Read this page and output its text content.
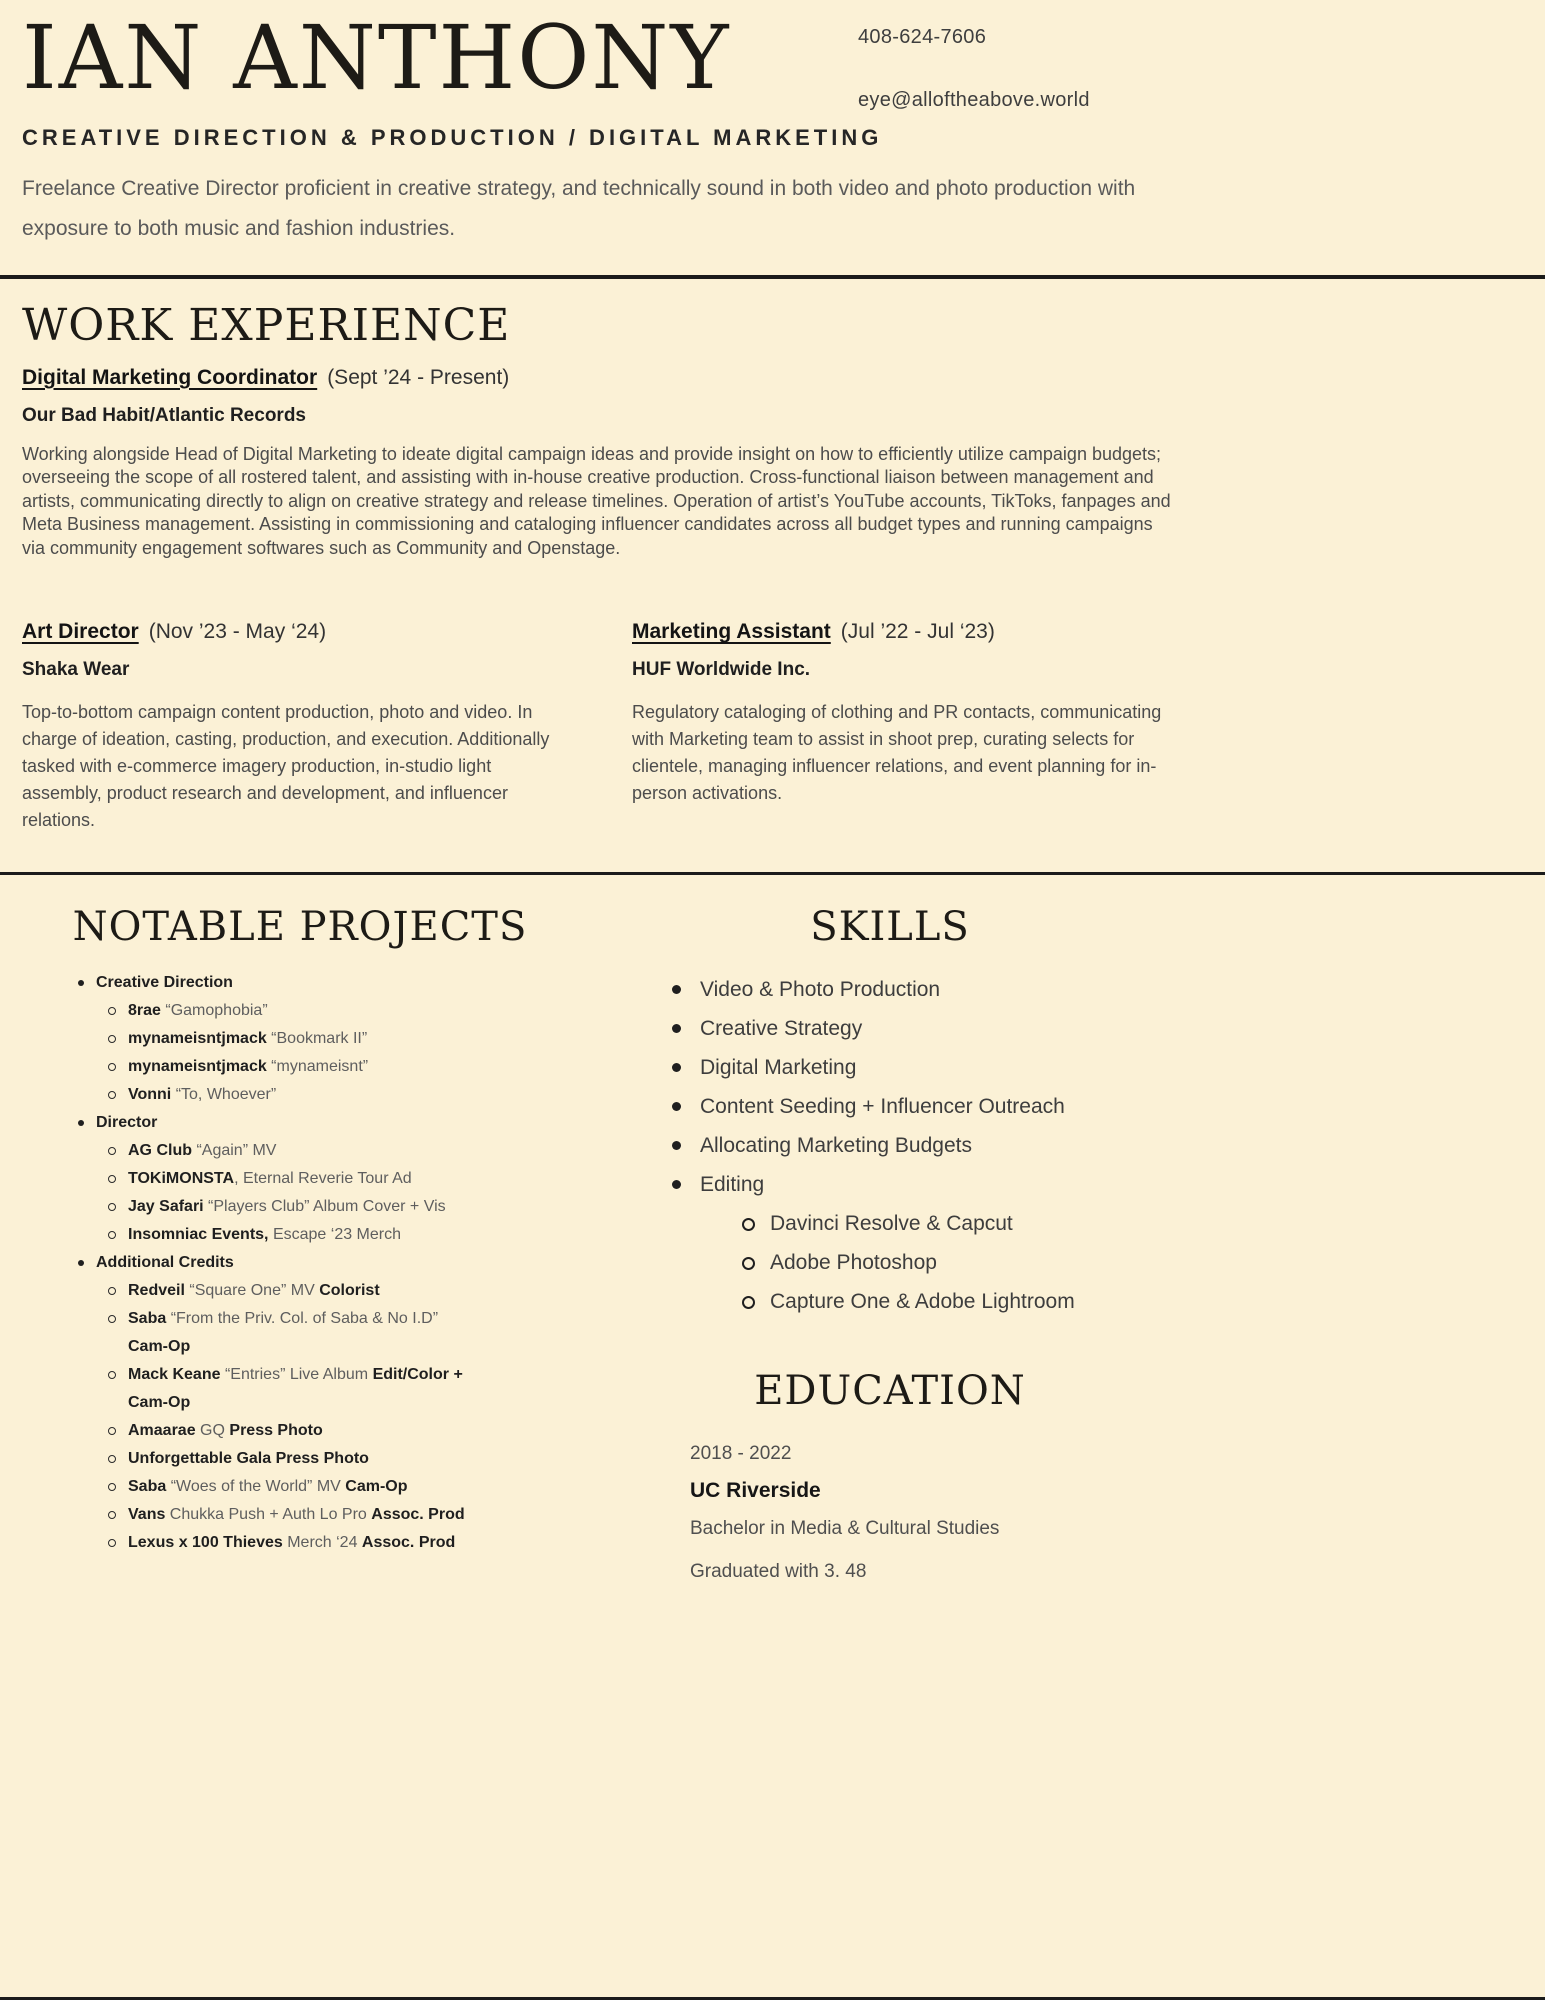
IAN ANTHONY	408-624-7606
eye@alloftheabove.world
CREATIVE DIRECTION & PRODUCTION / DIGITAL MARKETING

Freelance Creative Director proficient in creative strategy, and technically sound in both video and photo production with exposure to both music and fashion industries.

WORK EXPERIENCE
Digital Marketing Coordinator (Sept ’24 - Present)
Our Bad Habit/Atlantic Records

Working alongside Head of Digital Marketing to ideate digital campaign ideas and provide insight on how to efficiently utilize campaign budgets; overseeing the scope of all rostered talent, and assisting with in-house creative production. Cross-functional liaison between management and artists, communicating directly to align on creative strategy and release timelines. Operation of artist’s YouTube accounts, TikToks, fanpages and Meta Business management. Assisting in commissioning and cataloging influencer candidates across all budget types and running campaigns via community engagement softwares such as Community and Openstage.

Art Director (Nov ’23 - May ‘24)
Shaka Wear

Top-to-bottom campaign content production, photo and video. In charge of ideation, casting, production, and execution. Additionally tasked with e-commerce imagery production, in-studio light assembly, product research and development, and influencer relations.

Marketing Assistant (Jul ’22 - Jul ‘23)
HUF Worldwide Inc.

Regulatory cataloging of clothing and PR contacts, communicating with Marketing team to assist in shoot prep, curating selects for clientele, managing influencer relations, and event planning for in-person activations.

NOTABLE PROJECTS
Creative Direction
8rae “Gamophobia”
mynameisntjmack “Bookmark II”
mynameisntjmack “mynameisnt”
Vonni “To, Whoever”
Director
AG Club “Again” MV
TOKiMONSTA, Eternal Reverie Tour Ad
Jay Safari “Players Club” Album Cover + Vis
Insomniac Events, Escape ‘23 Merch
Additional Credits
Redveil “Square One” MV Colorist
Saba “From the Priv. Col. of Saba & No I.D” Cam-Op
Mack Keane “Entries” Live Album Edit/Color + Cam-Op
Amaarae GQ Press Photo
Unforgettable Gala Press Photo
Saba “Woes of the World” MV Cam-Op
Vans Chukka Push + Auth Lo Pro Assoc. Prod
Lexus x 100 Thieves Merch ‘24 Assoc. Prod
SKILLS
Video & Photo Production
Creative Strategy
Digital Marketing
Content Seeding + Influencer Outreach
Allocating Marketing Budgets
Editing
Davinci Resolve & Capcut
Adobe Photoshop
Capture One & Adobe Lightroom
EDUCATION
2018 - 2022
UC Riverside
Bachelor in Media & Cultural Studies
Graduated with 3. 48
